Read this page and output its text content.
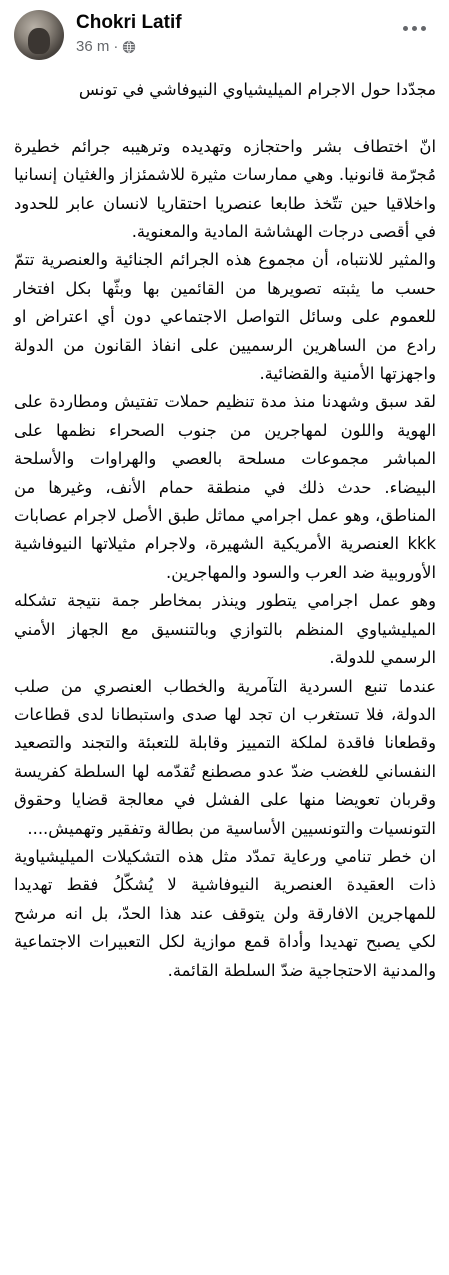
Chokri Latif
36 m ·

مجدّدا حول الاجرام الميليشياوي النيوفاشي في تونس

انّ اختطاف بشر واحتجازه وتهديده وترهيبه جرائم خطيرة مُجرّمة قانونيا. وهي ممارسات مثيرة للاشمئزاز والغثيان إنسانيا واخلاقيا حين تتّخذ طابعا عنصريا احتقاريا لانسان عابر للحدود في أقصى درجات الهشاشة المادية والمعنوية.

والمثير للانتباه، أن مجموع هذه الجرائم الجنائية والعنصرية تتمّ حسب ما يثبته تصويرها من القائمين بها وبثّها بكل افتخار للعموم على وسائل التواصل الاجتماعي دون أي اعتراض او رادع من الساهرين الرسميين على انفاذ القانون من الدولة واجهزتها الأمنية والقضائية.

لقد سبق وشهدنا منذ مدة تنظيم حملات تفتيش ومطاردة على الهوية واللون لمهاجرين من جنوب الصحراء نظمها على المباشر مجموعات مسلحة بالعصي والهراوات والأسلحة البيضاء. حدث ذلك في منطقة حمام الأنف، وغيرها من المناطق، وهو عمل اجرامي مماثل طبق الأصل لاجرام عصابات kkk العنصرية الأمريكية الشهيرة، ولاجرام مثيلاتها النيوفاشية الأوروبية ضد العرب والسود والمهاجرين.

وهو عمل اجرامي يتطور وينذر بمخاطر جمة نتيجة تشكله الميليشياوي المنظم بالتوازي وبالتنسيق مع الجهاز الأمني الرسمي للدولة.

عندما تنبع السردية التآمرية والخطاب العنصري من صلب الدولة، فلا تستغرب ان تجد لها صدى واستبطانا لدى قطاعات وقطعانا فاقدة لملكة التمييز وقابلة للتعبئة والتجند والتصعيد النفساني للغضب ضدّ عدو مصطنع تُقدّمه لها السلطة كفريسة وقربان تعويضا منها على الفشل في معالجة قضايا وحقوق التونسيات والتونسيين الأساسية من بطالة وتفقير وتهميش....

ان خطر تنامي ورعاية تمدّد مثل هذه التشكيلات الميليشياوية ذات العقيدة العنصرية النيوفاشية لا يُشكّلُ فقط تهديدا للمهاجرين الافارقة ولن يتوقف عند هذا الحدّ، بل انه مرشح لكي يصبح تهديدا وأداة قمع موازية لكل التعبيرات الاجتماعية والمدنية الاحتجاجية ضدّ السلطة القائمة.
